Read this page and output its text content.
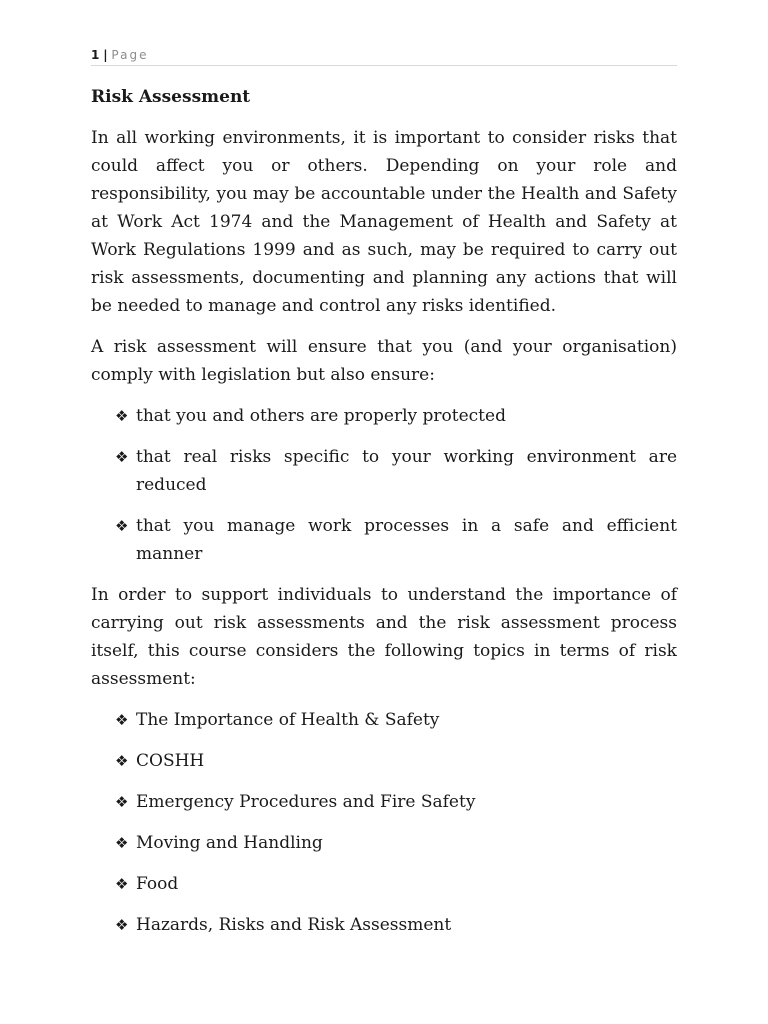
1 | Page
Risk Assessment

In all working environments, it is important to consider risks that could affect you or others. Depending on your role and responsibility, you may be accountable under the Health and Safety at Work Act 1974 and the Management of Health and Safety at Work Regulations 1999 and as such, may be required to carry out risk assessments, documenting and planning any actions that will be needed to manage and control any risks identified.

A risk assessment will ensure that you (and your organisation) comply with legislation but also ensure:

❖ that you and others are properly protected
❖ that real risks specific to your working environment are reduced
❖ that you manage work processes in a safe and efficient manner

In order to support individuals to understand the importance of carrying out risk assessments and the risk assessment process itself, this course considers the following topics in terms of risk assessment:

❖ The Importance of Health & Safety
❖ COSHH
❖ Emergency Procedures and Fire Safety
❖ Moving and Handling
❖ Food
❖ Hazards, Risks and Risk Assessment
